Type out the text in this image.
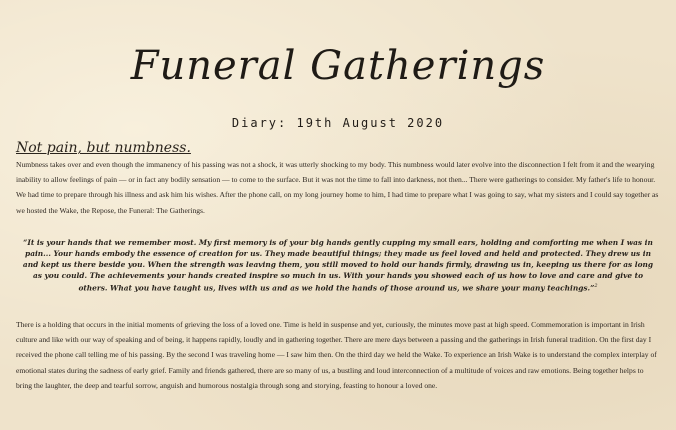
Funeral Gatherings
Diary: 19th August 2020
Not pain, but numbness.

Numbness takes over and even though the immanency of his passing was not a shock, it was utterly shocking to my body. This numbness would later evolve into the disconnection I felt from it and the wearying inability to allow feelings of pain — or in fact any bodily sensation — to come to the surface. But it was not the time to fall into darkness, not then... There were gatherings to consider. My father's life to honour. We had time to prepare through his illness and ask him his wishes. After the phone call, on my long journey home to him, I had time to prepare what I was going to say, what my sisters and I could say together as we hosted the Wake, the Repose, the Funeral: The Gatherings.

“It is your hands that we remember most. My first memory is of your big hands gently cupping my small ears, holding and comforting me when I was in pain... Your hands embody the essence of creation for us. They made beautiful things; they made us feel loved and held and protected. They drew us in and kept us there beside you. When the strength was leaving them, you still moved to hold our hands firmly, drawing us in, keeping us there for as long as you could. The achievements your hands created inspire so much in us. With your hands you showed each of us how to love and care and give to others. What you have taught us, lives with us and as we hold the hands of those around us, we share your many teachings.”$^2$

There is a holding that occurs in the initial moments of grieving the loss of a loved one. Time is held in suspense and yet, curiously, the minutes move past at high speed. Commemoration is important in Irish culture and like with our way of speaking and of being, it happens rapidly, loudly and in gathering together. There are mere days between a passing and the gatherings in Irish funeral tradition. On the first day I received the phone call telling me of his passing. By the second I was traveling home — I saw him then. On the third day we held the Wake. To experience an Irish Wake is to understand the complex interplay of emotional states during the sadness of early grief. Family and friends gathered, there are so many of us, a bustling and loud interconnection of a multitude of voices and raw emotions. Being together helps to bring the laughter, the deep and tearful sorrow, anguish and humorous nostalgia through song and storying, feasting to honour a loved one.
